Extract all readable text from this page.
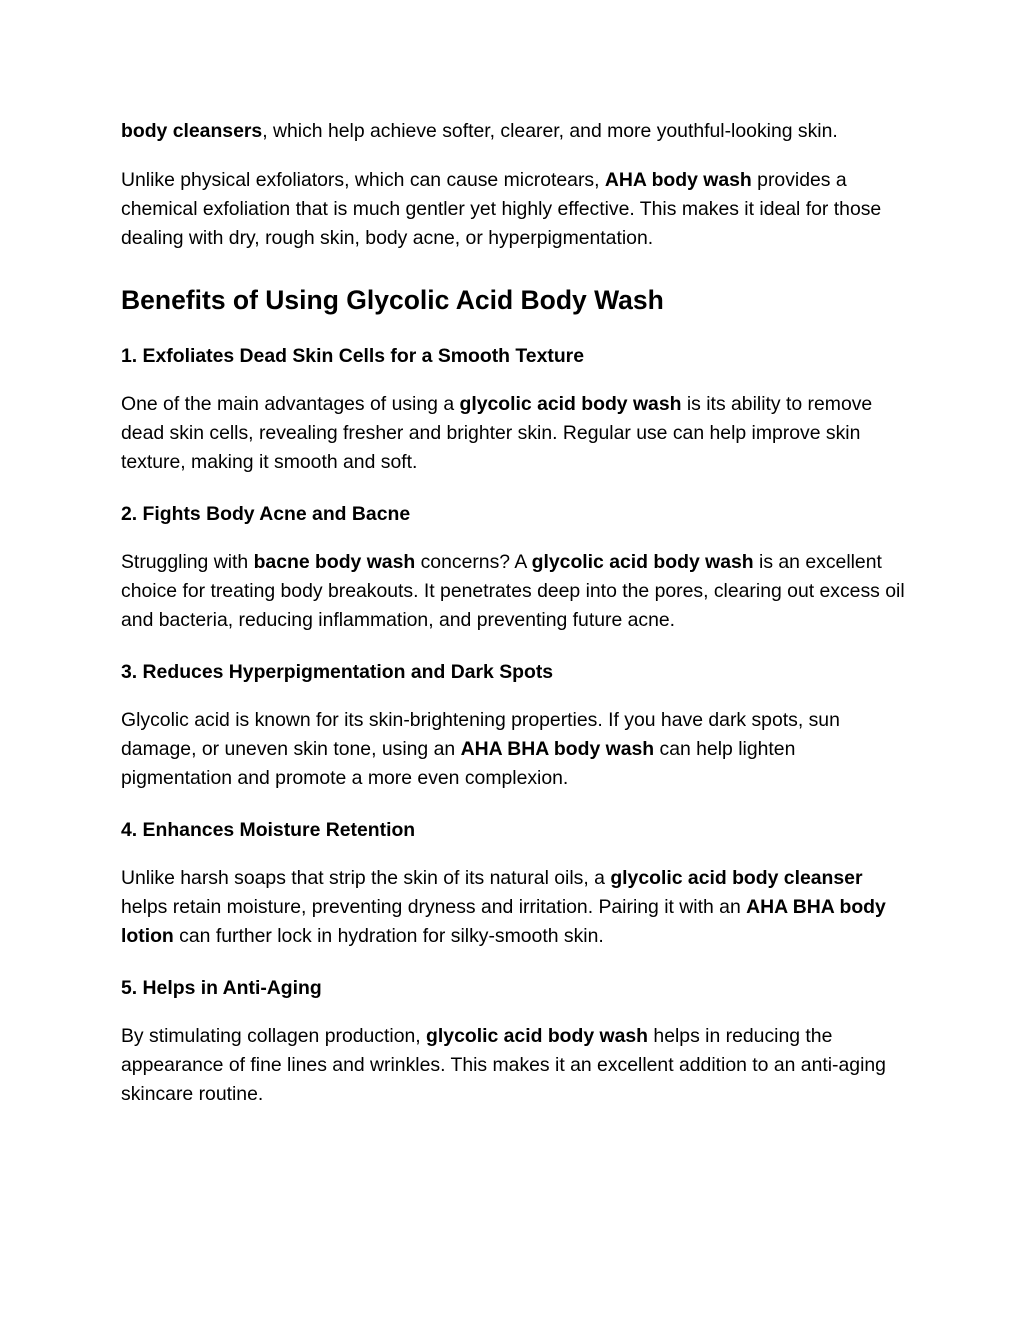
body cleansers, which help achieve softer, clearer, and more youthful-looking skin.

Unlike physical exfoliators, which can cause microtears, AHA body wash provides a chemical exfoliation that is much gentler yet highly effective. This makes it ideal for those dealing with dry, rough skin, body acne, or hyperpigmentation.

Benefits of Using Glycolic Acid Body Wash
1. Exfoliates Dead Skin Cells for a Smooth Texture

One of the main advantages of using a glycolic acid body wash is its ability to remove dead skin cells, revealing fresher and brighter skin. Regular use can help improve skin texture, making it smooth and soft.

2. Fights Body Acne and Bacne

Struggling with bacne body wash concerns? A glycolic acid body wash is an excellent choice for treating body breakouts. It penetrates deep into the pores, clearing out excess oil and bacteria, reducing inflammation, and preventing future acne.

3. Reduces Hyperpigmentation and Dark Spots

Glycolic acid is known for its skin-brightening properties. If you have dark spots, sun damage, or uneven skin tone, using an AHA BHA body wash can help lighten pigmentation and promote a more even complexion.

4. Enhances Moisture Retention

Unlike harsh soaps that strip the skin of its natural oils, a glycolic acid body cleanser helps retain moisture, preventing dryness and irritation. Pairing it with an AHA BHA body lotion can further lock in hydration for silky-smooth skin.

5. Helps in Anti-Aging

By stimulating collagen production, glycolic acid body wash helps in reducing the appearance of fine lines and wrinkles. This makes it an excellent addition to an anti-aging skincare routine.
